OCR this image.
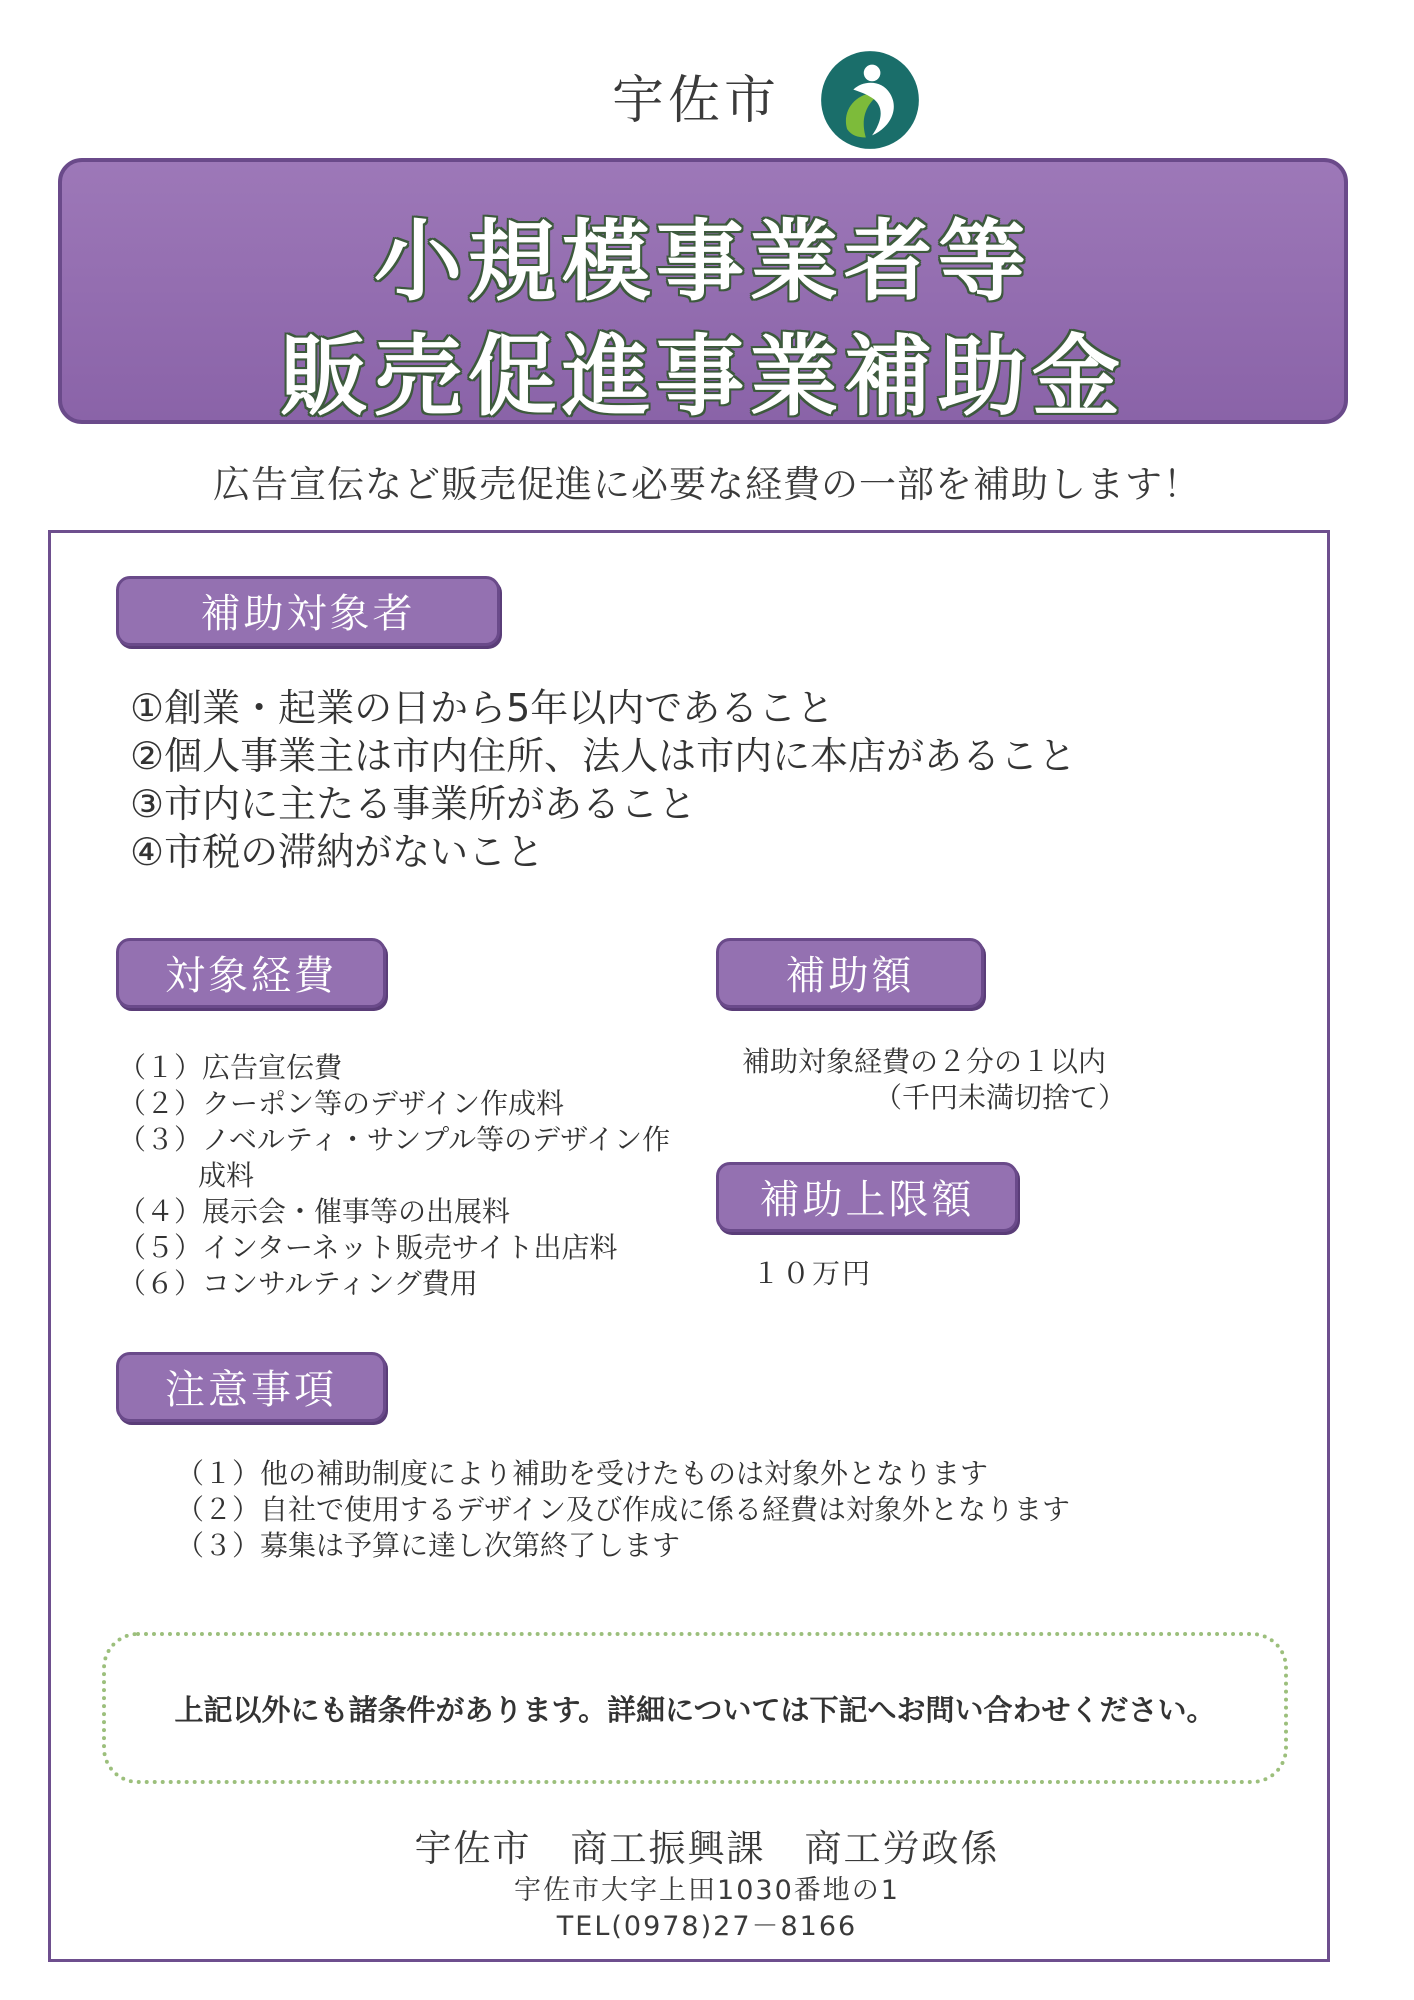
宇佐市
小規模事業者等
販売促進事業補助金
広告宣伝など販売促進に必要な経費の一部を補助します！
補助対象者
①創業・起業の日から5年以内であること
②個人事業主は市内住所、法人は市内に本店があること
③市内に主たる事業所があること
④市税の滞納がないこと
対象経費
（１）広告宣伝費
（２）クーポン等のデザイン作成料
（３）ノベルティ・サンプル等のデザイン作成料
（４）展示会・催事等の出展料
（５）インターネット販売サイト出店料
（６）コンサルティング費用
補助額
補助対象経費の２分の１以内
（千円未満切捨て）
補助上限額
１０万円
注意事項
（１）他の補助制度により補助を受けたものは対象外となります
（２）自社で使用するデザイン及び作成に係る経費は対象外となります
（３）募集は予算に達し次第終了します
上記以外にも諸条件があります。詳細については下記へお問い合わせください。
宇佐市　商工振興課　商工労政係
宇佐市大字上田1030番地の1
TEL(0978)27－8166
